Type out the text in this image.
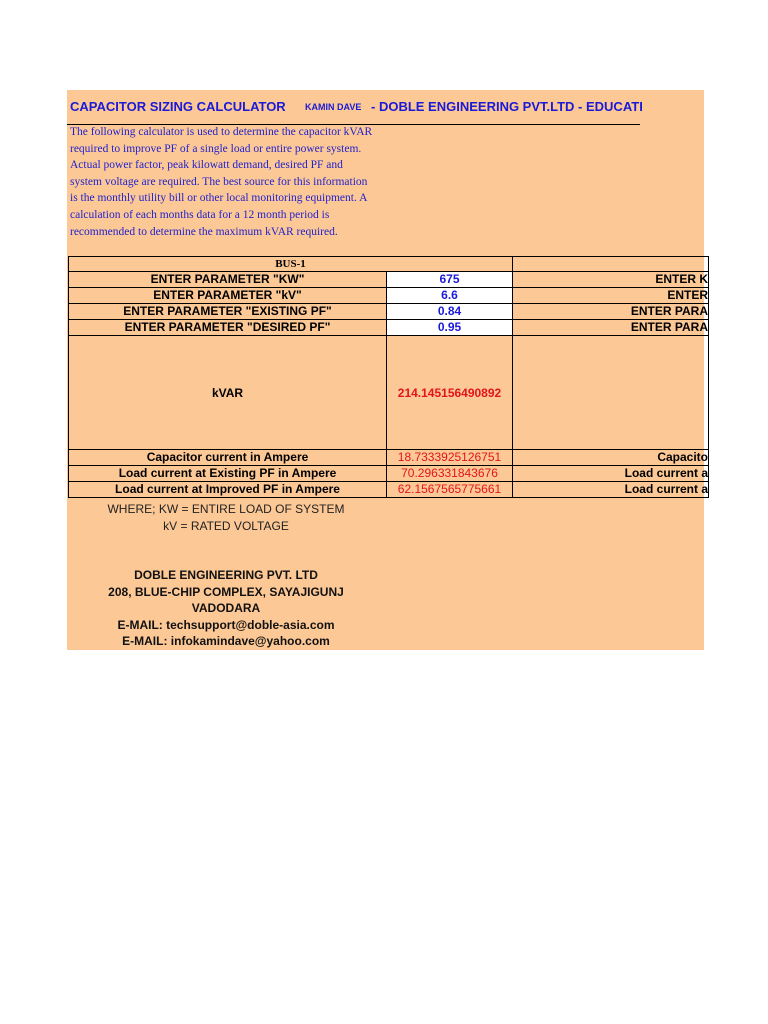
CAPACITOR SIZING CALCULATOR KAMIN DAVE - DOBLE ENGINEERING PVT.LTD - EDUCATI
The following calculator is used to determine the capacitor kVAR
required to improve PF of a single load or entire power system.
Actual power factor, peak kilowatt demand, desired PF and
system voltage are required. The best source for this information
is the monthly utility bill or other local monitoring equipment. A
calculation of each months data for a 12 month period is
recommended to determine the maximum kVAR required.
BUS-1		
ENTER PARAMETER "KW"	675	ENTER K
ENTER PARAMETER "kV"	6.6	ENTER
ENTER PARAMETER "EXISTING PF"	0.84	ENTER PARA
ENTER PARAMETER "DESIRED PF"	0.95	ENTER PARA
kVAR	214.145156490892	
Capacitor current in Ampere	18.7333925126751	Capacito
Load current at Existing PF in Ampere	70.296331843676	Load current a
Load current at Improved PF in Ampere	62.1567565775661	Load current a
WHERE; KW = ENTIRE LOAD OF SYSTEM
kV = RATED VOLTAGE
DOBLE ENGINEERING PVT. LTD
208, BLUE-CHIP COMPLEX, SAYAJIGUNJ
VADODARA
E-MAIL: techsupport@doble-asia.com
E-MAIL: infokamindave@yahoo.com
